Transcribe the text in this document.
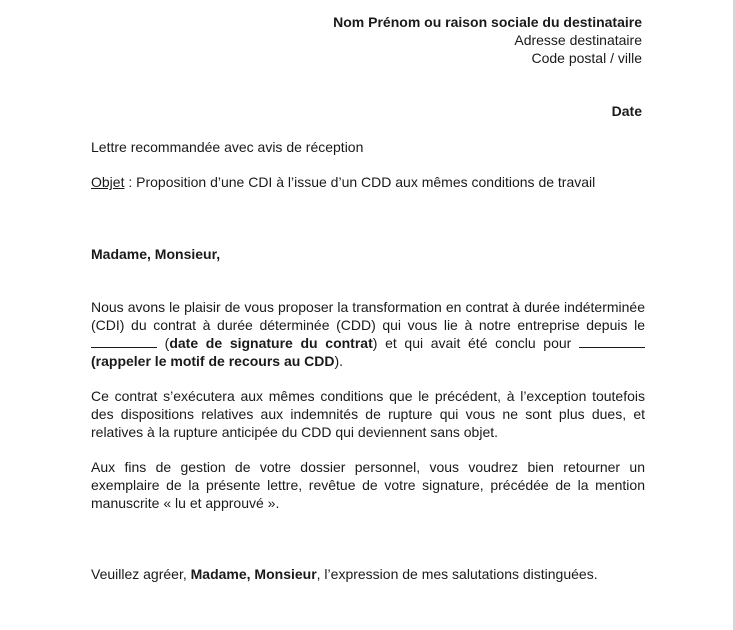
Nom Prénom ou raison sociale du destinataire
Adresse destinataire
Code postal / ville
Date
Lettre recommandée avec avis de réception
Objet : Proposition d’une CDI à l’issue d’un CDD aux mêmes conditions de travail
Madame, Monsieur,
Nous avons le plaisir de vous proposer la transformation en contrat à durée indéterminée (CDI) du contrat à durée déterminée (CDD) qui vous lie à notre entreprise depuis le  (date de signature du contrat) et qui avait été conclu pour  (rappeler le motif de recours au CDD).
Ce contrat s’exécutera aux mêmes conditions que le précédent, à l’exception toutefois des dispositions relatives aux indemnités de rupture qui vous ne sont plus dues, et relatives à la rupture anticipée du CDD qui deviennent sans objet.
Aux fins de gestion de votre dossier personnel, vous voudrez bien retourner un exemplaire de la présente lettre, revêtue de votre signature, précédée de la mention manuscrite « lu et approuvé ».
Veuillez agréer, Madame, Monsieur, l’expression de mes salutations distinguées.
